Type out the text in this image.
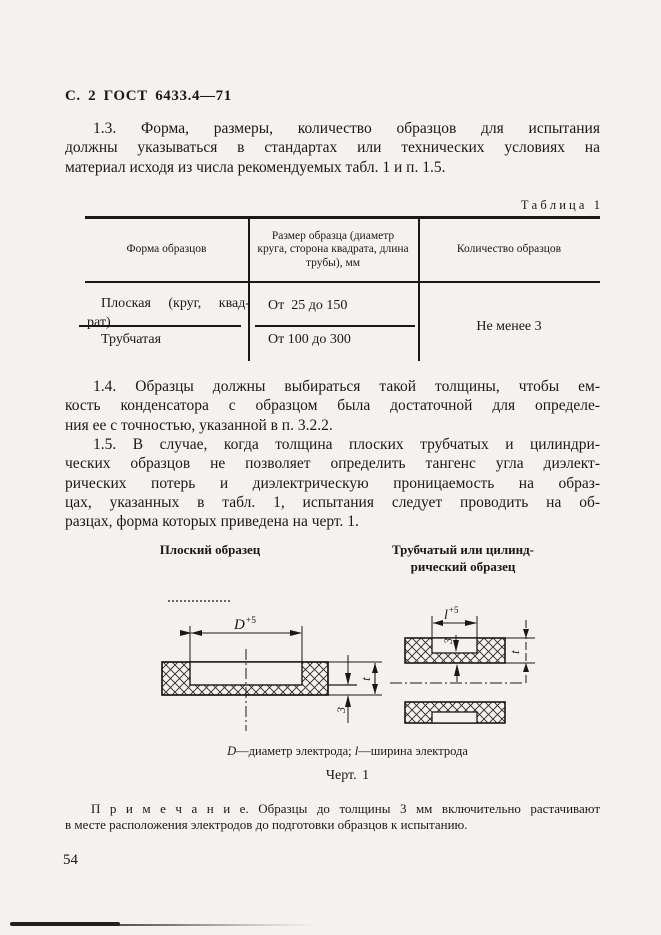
С. 2 ГОСТ 6433.4—71
1.3. Форма, размеры, количество образцов для испытания
должны указываться в стандартах или технических условиях на
материал исходя из числа рекомендуемых табл. 1 и п. 1.5.
Т а б л и ц а   1
Форма образцов
Размер образца (диаметр круга, сторона квадрата, длина трубы), мм
Количество образцов
Плоская (круг, квад-
рат)
От  25 до 150
Трубчатая	От 100 до 300
Не менее 3
1.4. Образцы должны выбираться такой толщины, чтобы ем-
кость конденсатора с образцом была достаточной для определе-
ния ее с точностью, указанной в п. 3.2.2.
1.5. В случае, когда толщина плоских трубчатых и цилиндри-
ческих образцов не позволяет определить тангенс угла диэлект-
рических потерь и диэлектрическую проницаемость на образ-
цах, указанных в табл. 1, испытания следует проводить на об-
разцах, форма которых приведена на черт. 1.
Плоский образец	Трубчатый или цилинд-
рический образец
$D^{+5}$
t
3
$l^{+5}$
3
t
D—диаметр электрода; l—ширина электрода
Черт. 1
П р и м е ч а н и е. Образцы до толщины 3 мм включительно растачивают
в месте расположения электродов до подготовки образцов к испытанию.
54
